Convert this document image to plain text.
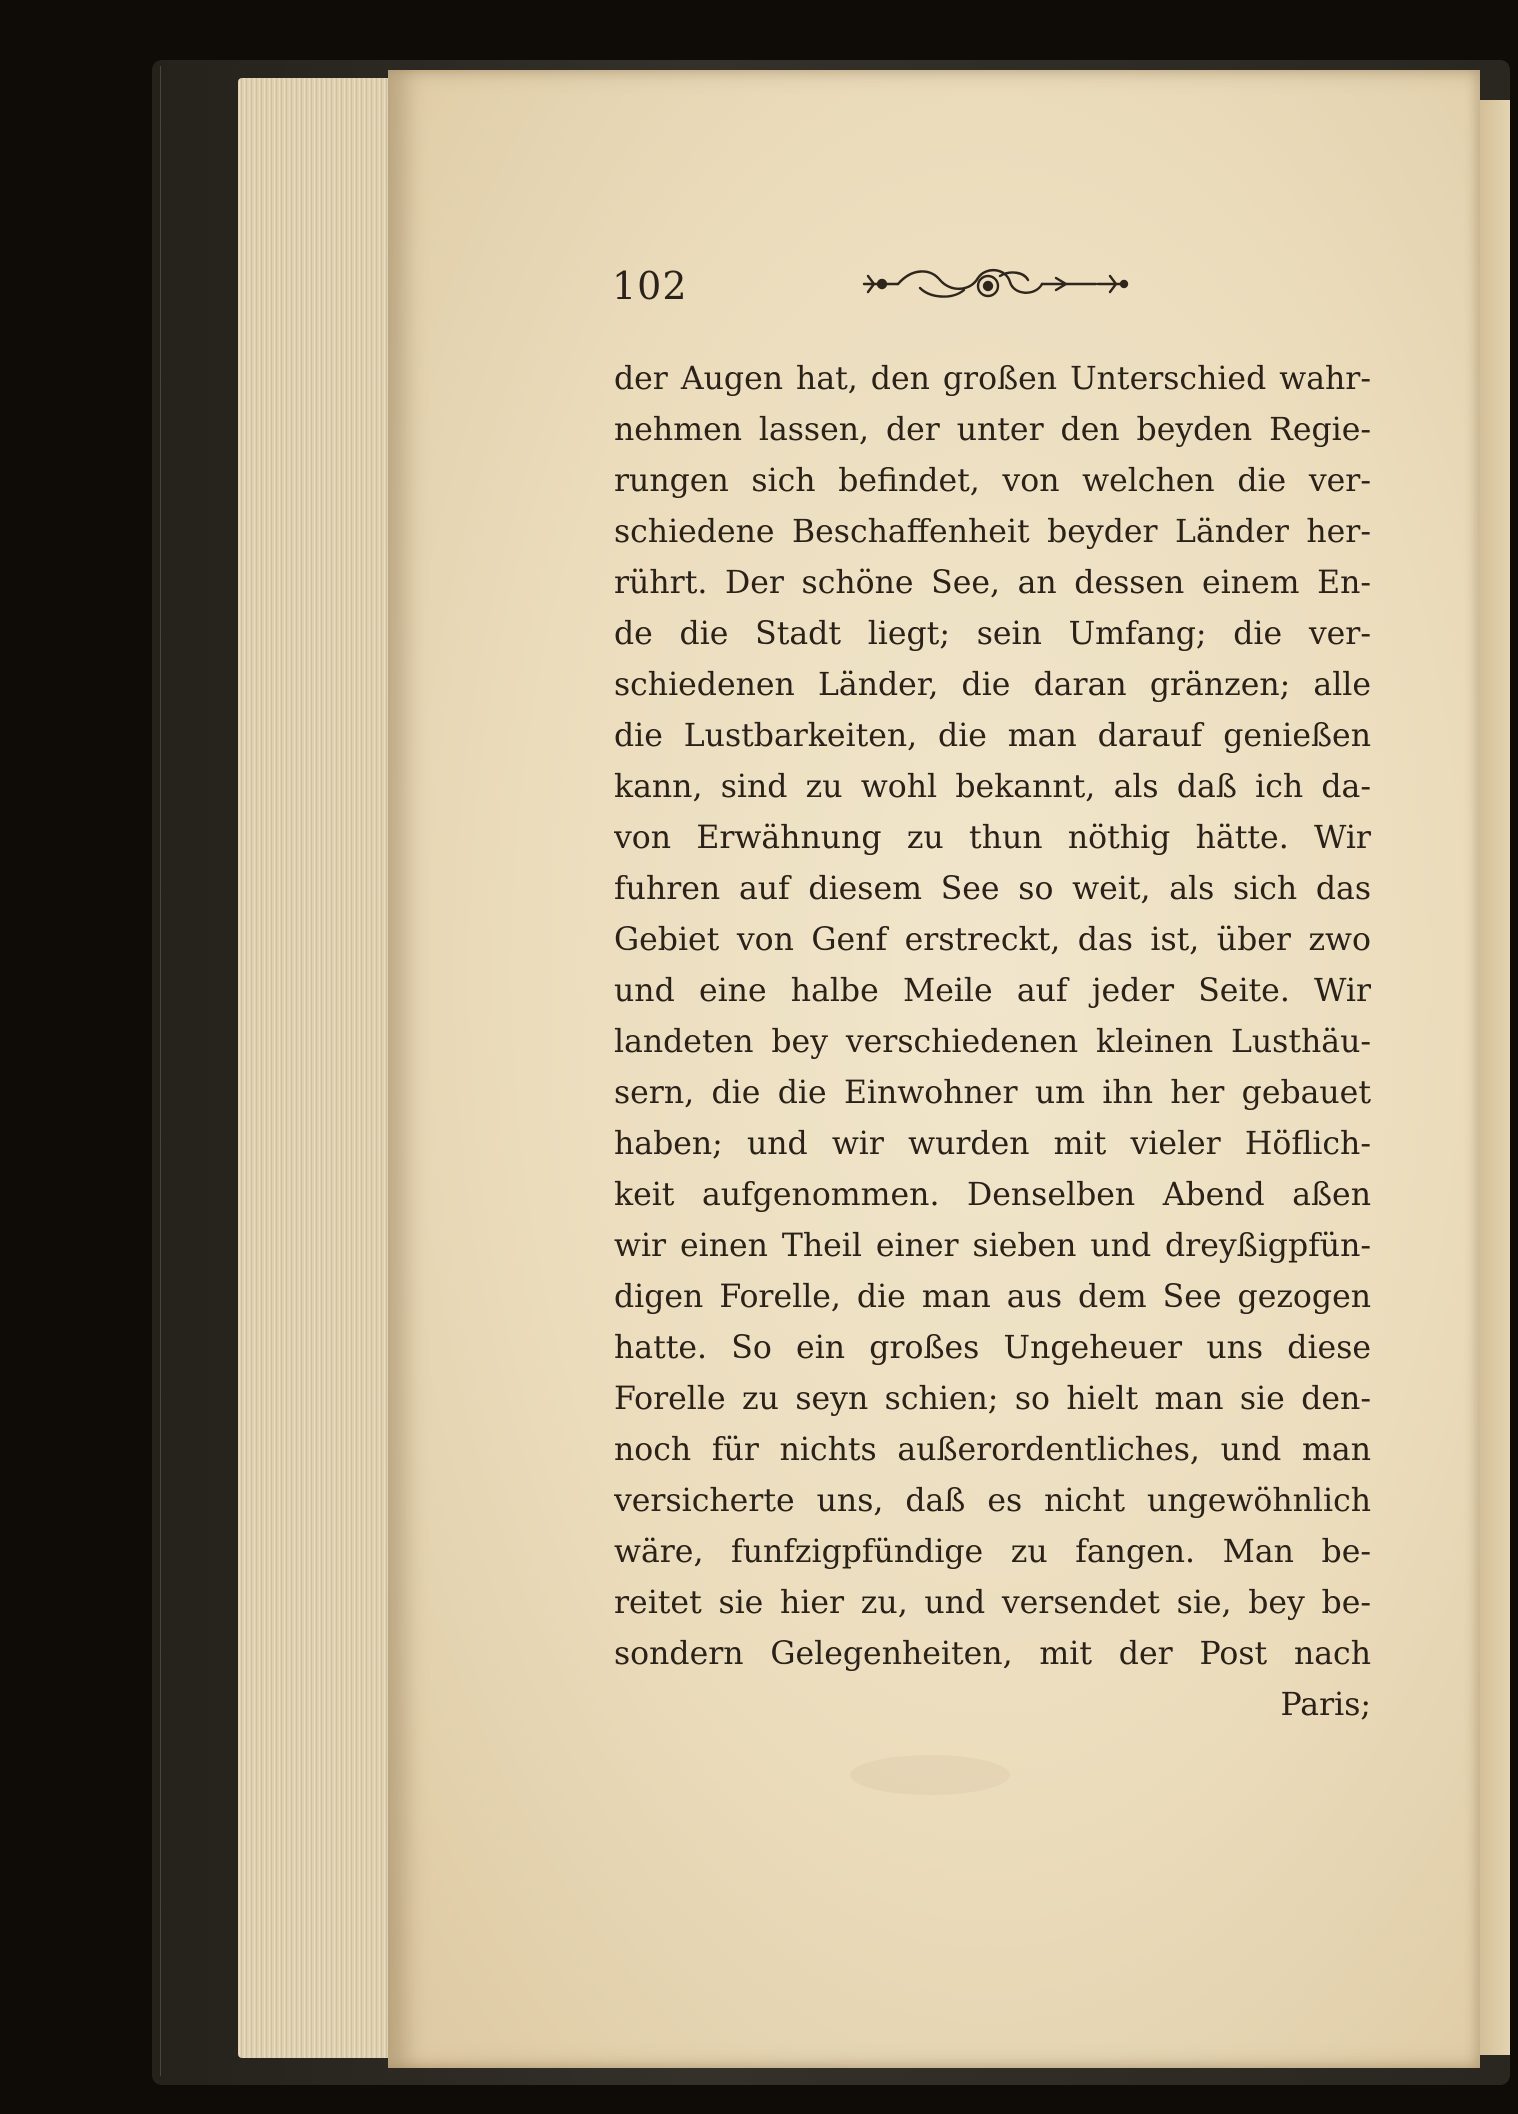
102
der Augen hat, den großen Unterschied wahr-
nehmen lassen, der unter den beyden Regie-
rungen sich befindet, von welchen die ver-
schiedene Beschaffenheit beyder Länder her-
rührt. Der schöne See, an dessen einem En-
de die Stadt liegt; sein Umfang; die ver-
schiedenen Länder, die daran gränzen; alle
die Lustbarkeiten, die man darauf genießen
kann, sind zu wohl bekannt, als daß ich da-
von Erwähnung zu thun nöthig hätte. Wir
fuhren auf diesem See so weit, als sich das
Gebiet von Genf erstreckt, das ist, über zwo
und eine halbe Meile auf jeder Seite. Wir
landeten bey verschiedenen kleinen Lusthäu-
sern, die die Einwohner um ihn her gebauet
haben; und wir wurden mit vieler Höflich-
keit aufgenommen. Denselben Abend aßen
wir einen Theil einer sieben und dreyßigpfün-
digen Forelle, die man aus dem See gezogen
hatte. So ein großes Ungeheuer uns diese
Forelle zu seyn schien; so hielt man sie den-
noch für nichts außerordentliches, und man
versicherte uns, daß es nicht ungewöhnlich
wäre, funfzigpfündige zu fangen. Man be-
reitet sie hier zu, und versendet sie, bey be-
sondern Gelegenheiten, mit der Post nach
Paris;
